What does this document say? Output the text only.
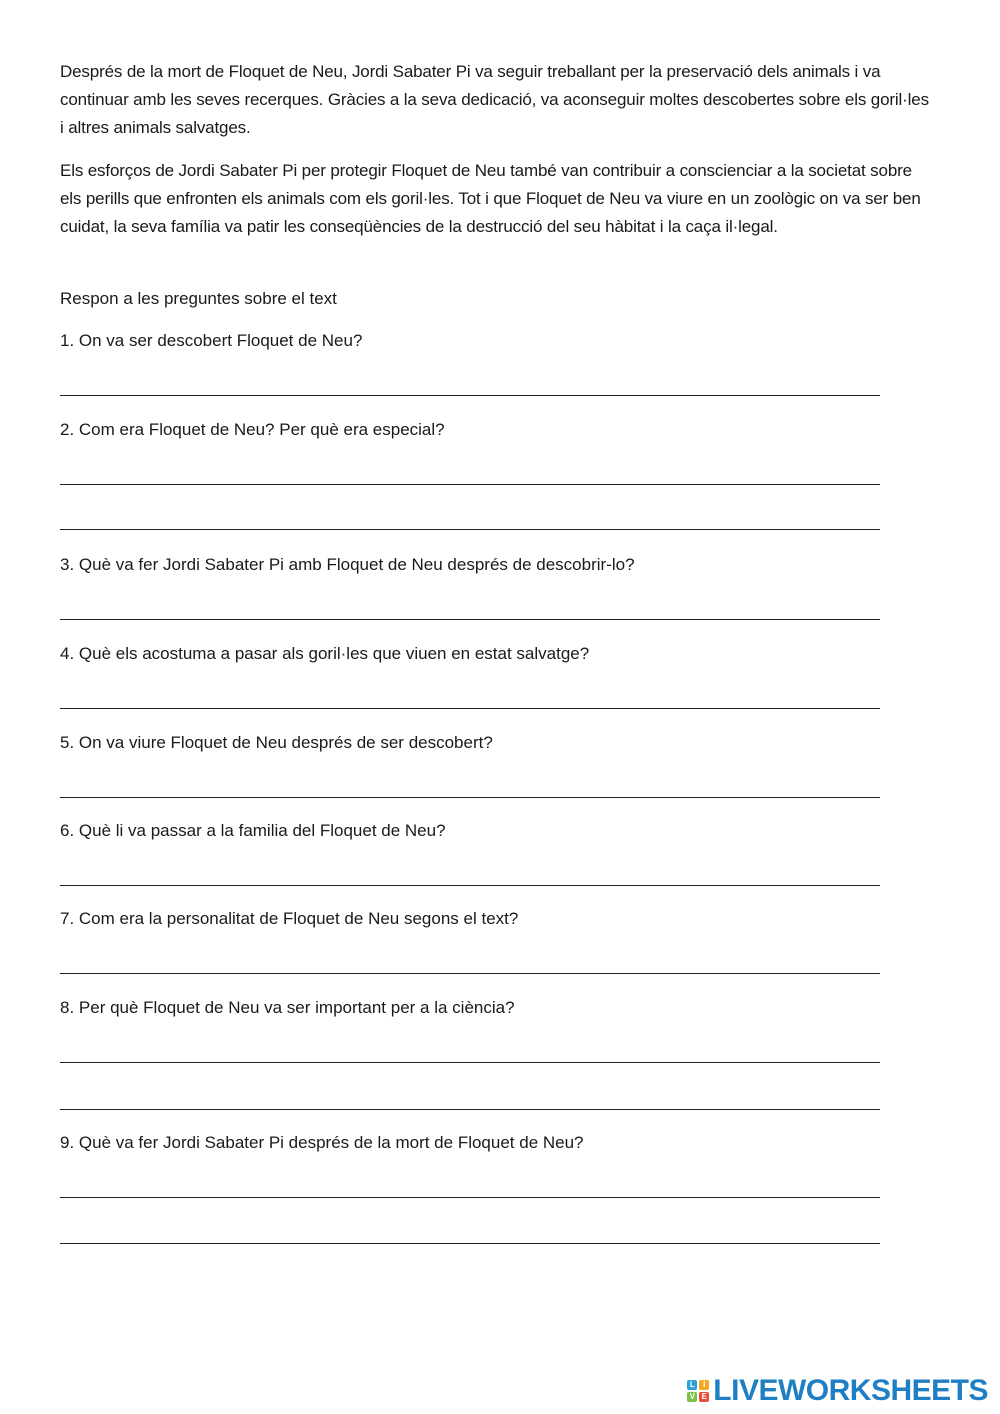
Després de la mort de Floquet de Neu, Jordi Sabater Pi va seguir treballant per la preservació dels animals i va continuar amb les seves recerques. Gràcies a la seva dedicació, va aconseguir moltes descobertes sobre els goril·les i altres animals salvatges.

Els esforços de Jordi Sabater Pi per protegir Floquet de Neu també van contribuir a conscienciar a la societat sobre els perills que enfronten els animals com els goril·les. Tot i que Floquet de Neu va viure en un zoològic on va ser ben cuidat, la seva família va patir les conseqüències de la destrucció del seu hàbitat i la caça il·legal.

Respon a les preguntes sobre el text

1. On va ser descobert Floquet de Neu?

2. Com era Floquet de Neu? Per què era especial?

3. Què va fer Jordi Sabater Pi amb Floquet de Neu després de descobrir-lo?

4. Què els acostuma a pasar als goril·les que viuen en estat salvatge?

5. On va viure Floquet de Neu després de ser descobert?

6. Què li va passar a la familia del Floquet de Neu?

7. Com era la personalitat de Floquet de Neu segons el text?

8. Per què Floquet de Neu va ser important per a la ciència?

9. Què va fer Jordi Sabater Pi després de la mort de Floquet de Neu?

L	I
V E LIVEWORKSHEETS
